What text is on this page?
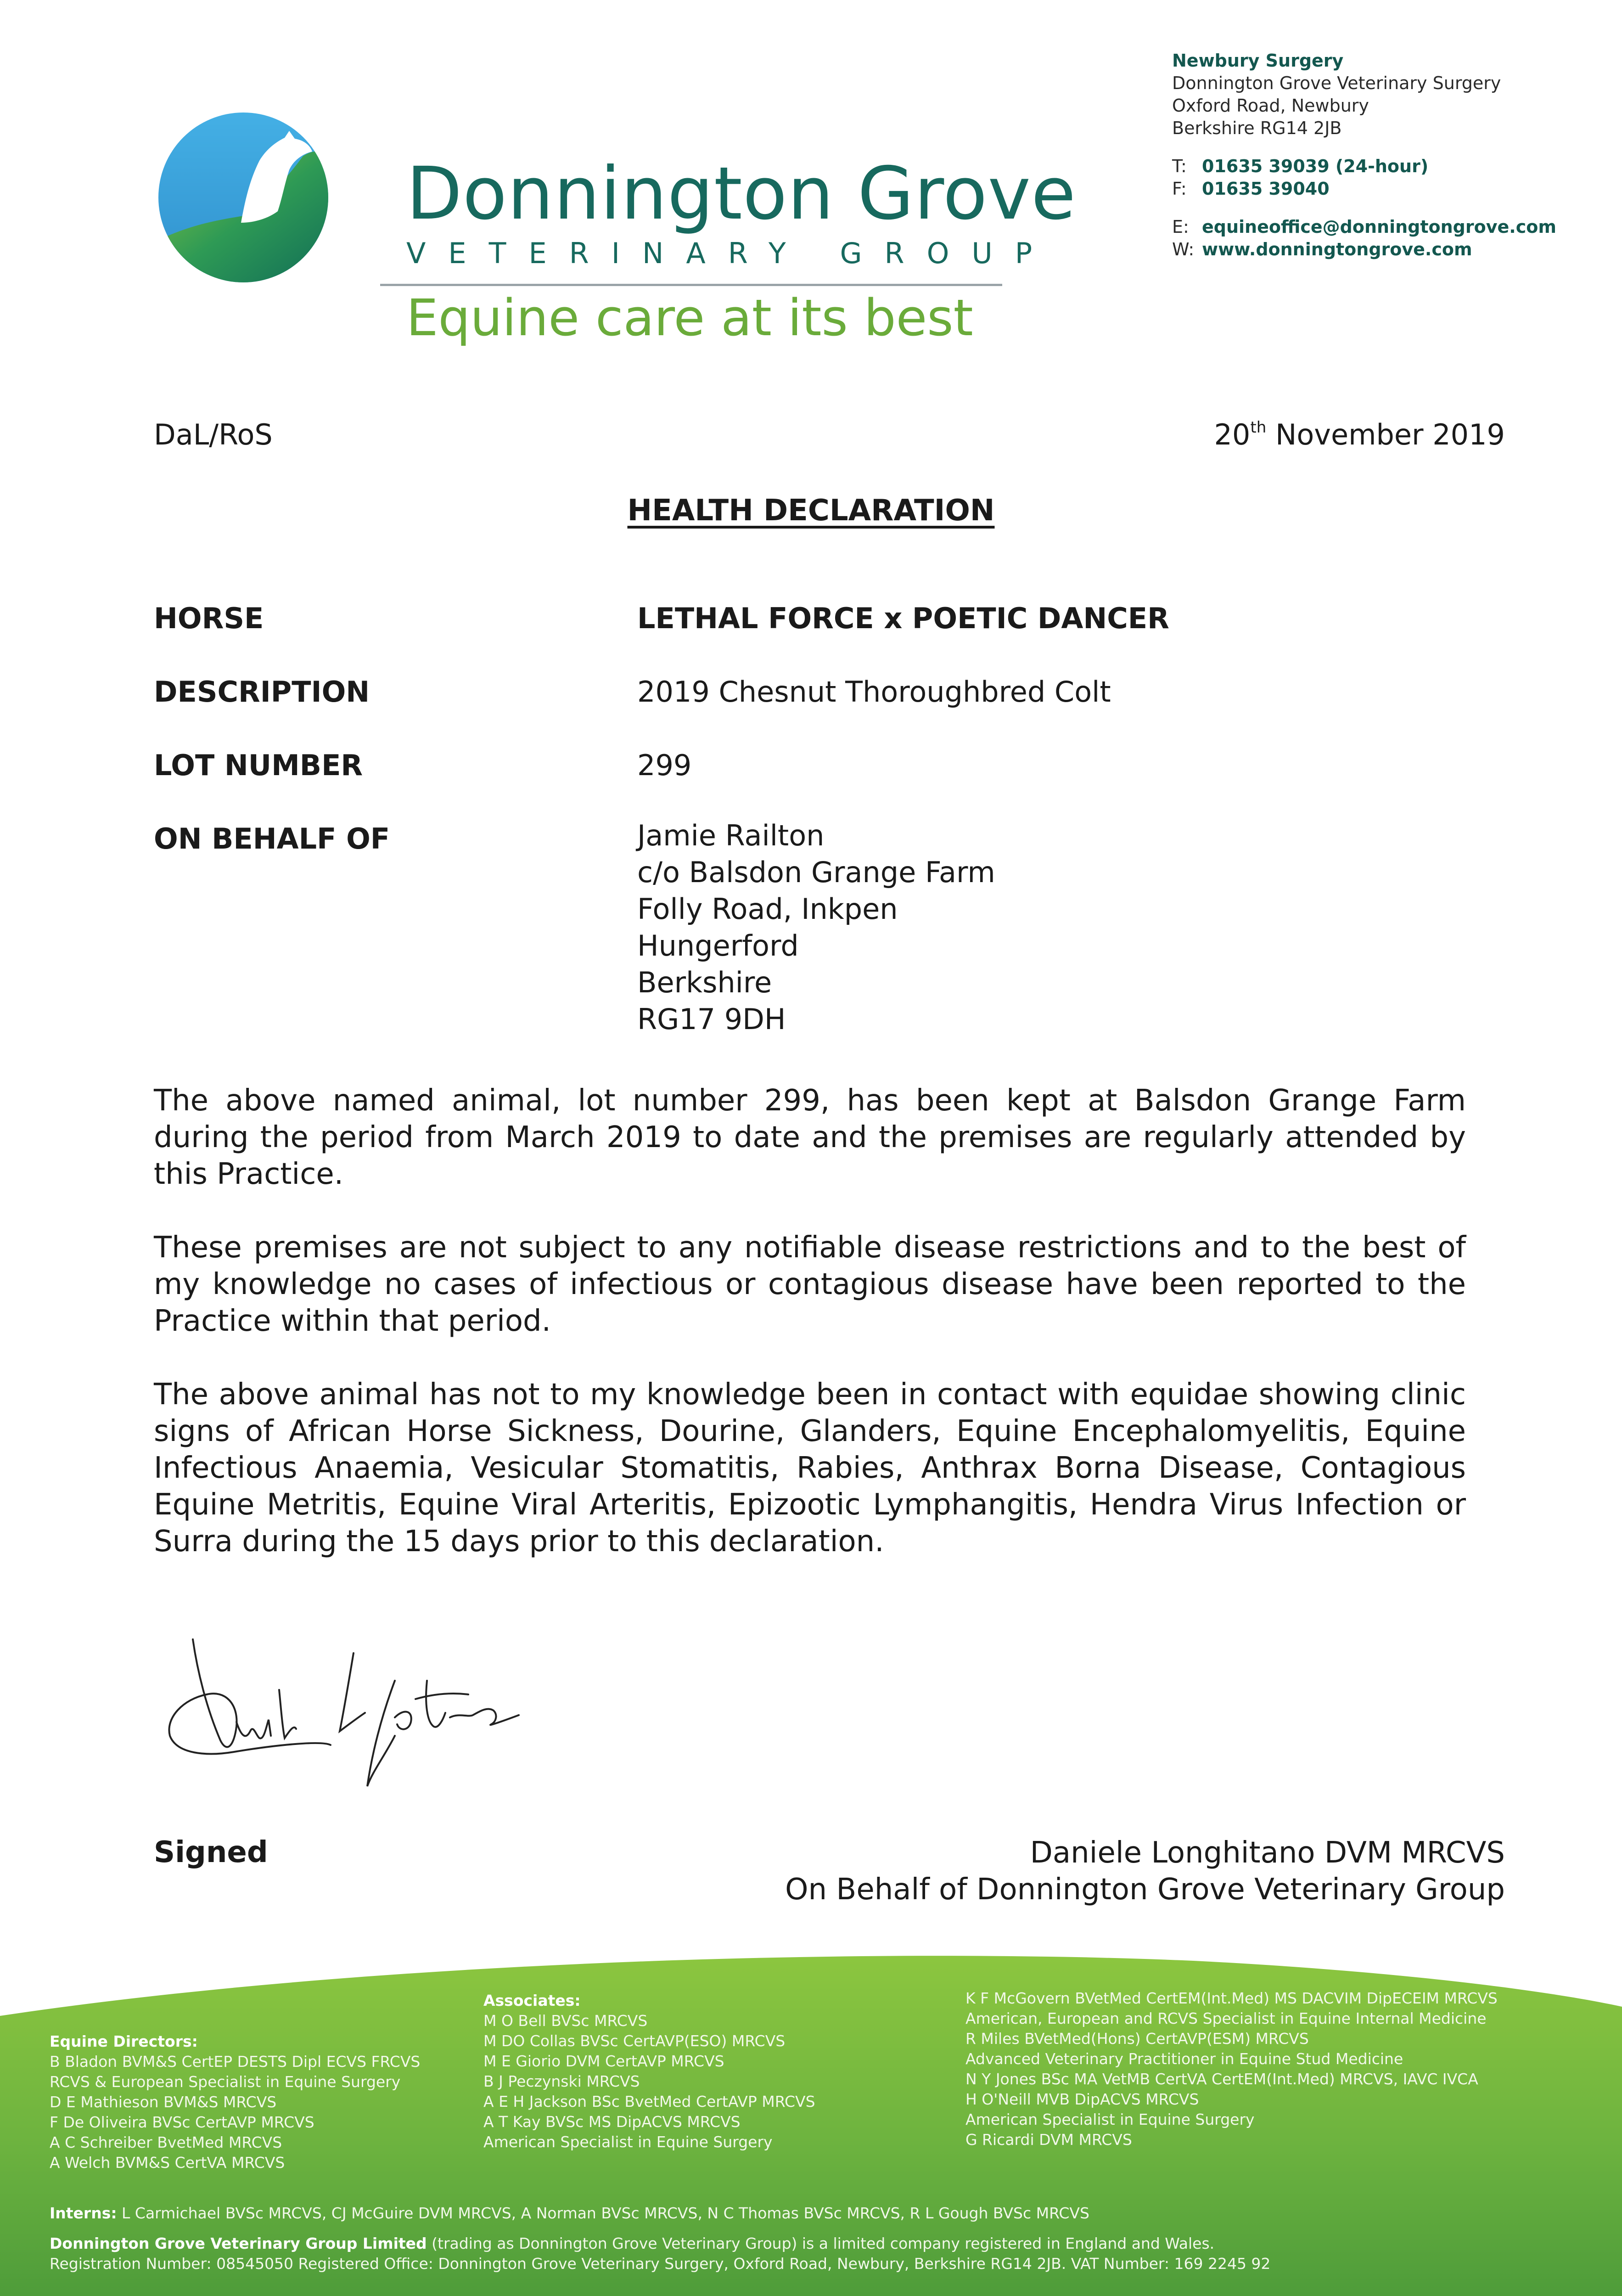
Donnington Grove
VETERINARY GROUP
Equine care at its best
Newbury Surgery
Donnington Grove Veterinary Surgery
Oxford Road, Newbury
Berkshire RG14 2JB
T: 01635 39039 (24-hour)
F: 01635 39040
E: equineoffice@donningtongrove.com
W: www.donningtongrove.com
DaL/RoS	20th November 2019
HEALTH DECLARATION
HORSE	LETHAL FORCE x POETIC DANCER
DESCRIPTION	2019 Chesnut Thoroughbred Colt
LOT NUMBER	299
ON BEHALF OF	Jamie Railton
c/o Balsdon Grange Farm
Folly Road, Inkpen
Hungerford
Berkshire
RG17 9DH
The above named animal, lot number 299, has been kept at Balsdon Grange Farm during the period from March 2019 to date and the premises are regularly attended by this Practice.
These premises are not subject to any notifiable disease restrictions and to the best of my knowledge no cases of infectious or contagious disease have been reported to the Practice within that period.
The above animal has not to my knowledge been in contact with equidae showing clinic signs of African Horse Sickness, Dourine, Glanders, Equine Encephalomyelitis, Equine Infectious Anaemia, Vesicular Stomatitis, Rabies, Anthrax Borna Disease, Contagious Equine Metritis, Equine Viral Arteritis, Epizootic Lymphangitis, Hendra Virus Infection or Surra during the 15 days prior to this declaration.
Signed	Daniele Longhitano DVM MRCVS
On Behalf of Donnington Grove Veterinary Group
Equine Directors:
B Bladon BVM&S CertEP DESTS Dipl ECVS FRCVS
RCVS & European Specialist in Equine Surgery
D E Mathieson BVM&S MRCVS
F De Oliveira BVSc CertAVP MRCVS
A C Schreiber BvetMed MRCVS
A Welch BVM&S CertVA MRCVS
Associates:
M O Bell BVSc MRCVS
M DO Collas BVSc CertAVP(ESO) MRCVS
M E Giorio DVM CertAVP MRCVS
B J Peczynski MRCVS
A E H Jackson BSc BvetMed CertAVP MRCVS
A T Kay BVSc MS DipACVS MRCVS
American Specialist in Equine Surgery
K F McGovern BVetMed CertEM(Int.Med) MS DACVIM DipECEIM MRCVS
American, European and RCVS Specialist in Equine Internal Medicine
R Miles BVetMed(Hons) CertAVP(ESM) MRCVS
Advanced Veterinary Practitioner in Equine Stud Medicine
N Y Jones BSc MA VetMB CertVA CertEM(Int.Med) MRCVS, IAVC IVCA
H O'Neill MVB DipACVS MRCVS
American Specialist in Equine Surgery
G Ricardi DVM MRCVS
Interns: L Carmichael BVSc MRCVS, CJ McGuire DVM MRCVS, A Norman BVSc MRCVS, N C Thomas BVSc MRCVS, R L Gough BVSc MRCVS
Donnington Grove Veterinary Group Limited (trading as Donnington Grove Veterinary Group) is a limited company registered in England and Wales.
Registration Number: 08545050 Registered Office: Donnington Grove Veterinary Surgery, Oxford Road, Newbury, Berkshire RG14 2JB. VAT Number: 169 2245 92
